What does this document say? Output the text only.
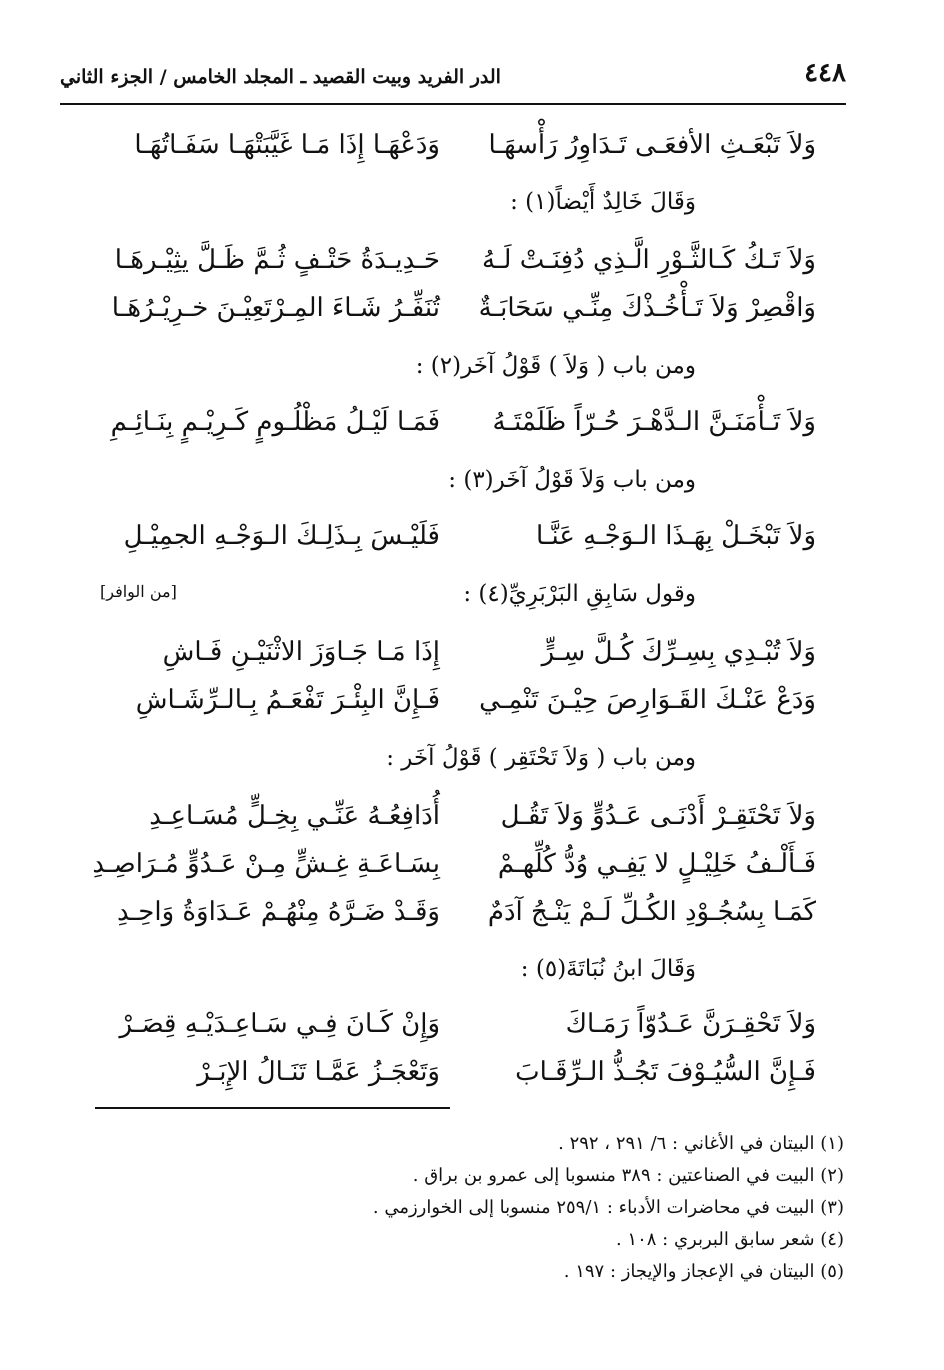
٤٤٨
الدر الفريد وبيت القصيد ـ المجلد الخامس / الجزء الثاني
وَلاَ تَبْعَـثِ الأفعَـى تَـدَاوِرُ رَأْسهَـا
وَدَعْهَـا إِذَا مَـا غَيَّبَتْهَـا سَفَـاتُهَـا
وَقَالَ خَالِدٌ أَيْضاً(١) :
وَلاَ تَـكُ كَـالثَّـوْرِ الَّـذِي دُفِنَـتْ لَـهُ
حَـدِيـدَةُ حَتْـفٍ ثُـمَّ ظَـلَّ يثِيْـرهَـا
وَاقْصِرْ وَلاَ تَـأْخُـذْكَ مِنِّـي سَحَابَـةٌ
تُنَفِّـرُ شَـاءَ المِـرْتَعِيْـنَ خـرِيْـرُهَـا
ومن باب ( وَلاَ ) قَوْلُ آخَر(٢) :
وَلاَ تَـأْمَنَـنَّ الـدَّهْـرَ حُـرّاً ظَلَمْتَـهُ
فَمَـا لَيْـلُ مَظْلُـومٍ كَـرِيْـمٍ بِنَـائِـمِ
ومن باب وَلاَ قَوْلُ آخَر(٣) :
وَلاَ تَبْخَـلْ بِهَـذَا الـوَجْـهِ عَنَّـا
فَلَيْـسَ بِـذَلِـكَ الـوَجْـهِ الجمِيْـلِ
وقول سَابِقِ البَرْبَرِيِّ(٤) :
[من الوافر]
وَلاَ تُبْـدِي بِسِـرِّكَ كُـلَّ سِـرٍّ
إِذَا مَـا جَـاوَزَ الاثْنَيْـنِ فَـاشِ
وَدَعْ عَنْـكَ القَـوَارِصَ حِيْـنَ تَنْمِـي
فَـإِنَّ البِئْـرَ تَفْعَـمُ بِـالـرِّشَـاشِ
ومن باب ( وَلاَ تَحْتَقِر ) قَوْلُ آخَر :
وَلاَ تَحْتَقِـرْ أَدْنَـى عَـدُوٍّ وَلاَ تَقُـل
أُدَافِعُـهُ عَنِّـي بِخِـلٍّ مُسَـاعِـدِ
فَـأَلْـفُ خَلِيْـلٍ لا يَفِـي وُدُّ كُلِّهـمْ
بِسَـاعَـةِ غِـشٍّ مِـنْ عَـدُوٍّ مُـرَاصِـدِ
كَمَـا بِسُجُـوْدِ الكُـلِّ لَـمْ يَنْـجُ آدَمٌ
وَقَـدْ ضَـرَّهُ مِنْهُـمْ عَـدَاوَةُ وَاحِـدِ
وَقَالَ ابنُ نُبَاتَةَ(٥) :
وَلاَ تَحْقِـرَنَّ عَـدُوّاً رَمَـاكَ
وَإِنْ كَـانَ فِـي سَـاعِـدَيْـهِ قِصَـرْ
فَـإِنَّ السُّيُـوْفَ تَجُـذُّ الـرِّقَـابَ
وَتَعْجَـزُ عَمَّـا تَنَـالُ الإِبَـرْ
(١) البيتان في الأغاني : ٦/ ٢٩١ ، ٢٩٢ .
(٢) البيت في الصناعتين : ٣٨٩ منسوبا إلى عمرو بن براق .
(٣) البيت في محاضرات الأدباء : ٢٥٩/١ منسوبا إلى الخوارزمي .
(٤) شعر سابق البربري : ١٠٨ .
(٥) البيتان في الإعجاز والإيجاز : ١٩٧ .
